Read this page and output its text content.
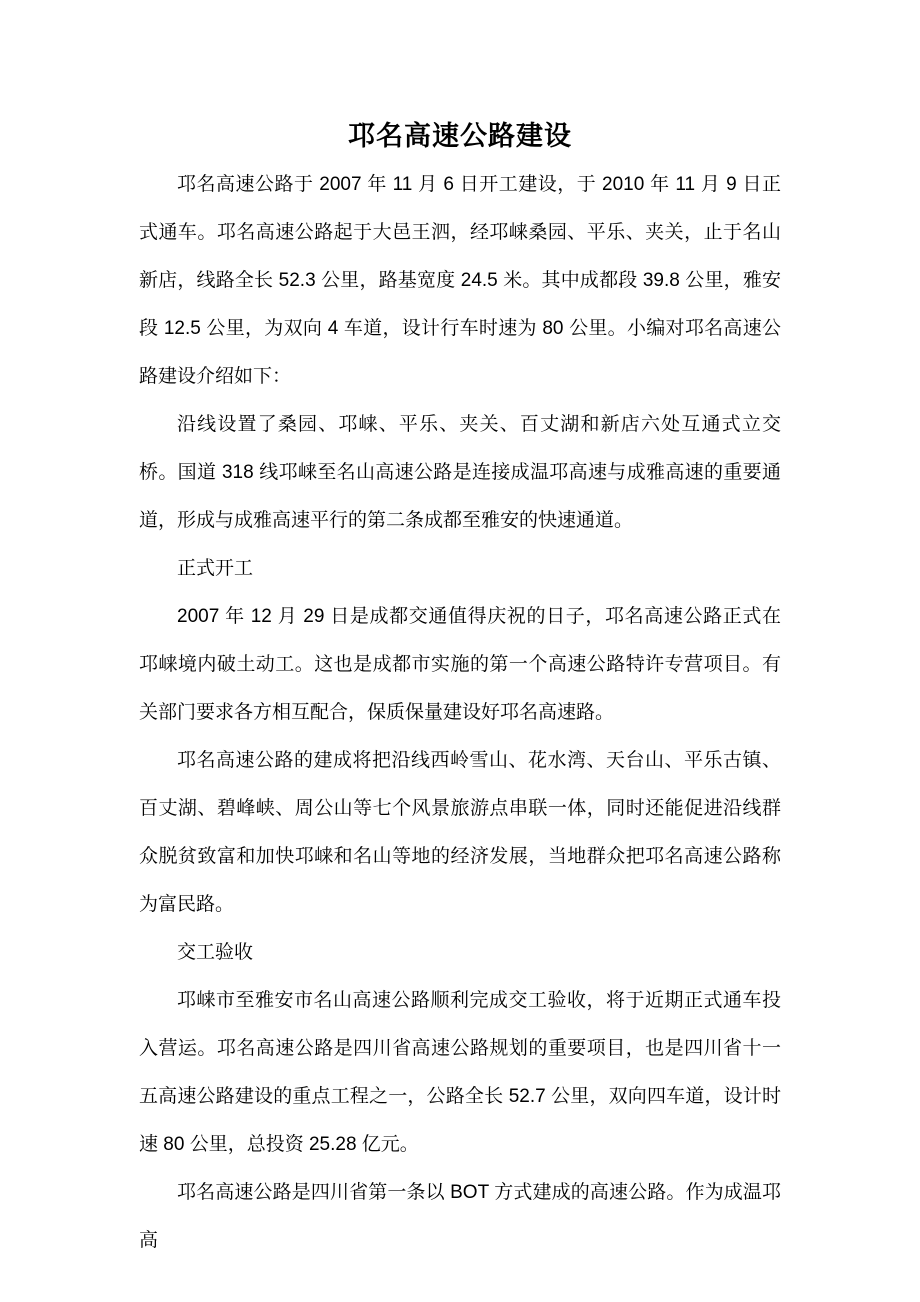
邛名高速公路建设

邛名高速公路于 2007 年 11 月 6 日开工建设，于 2010 年 11 月 9 日正式通车。邛名高速公路起于大邑王泗，经邛崃桑园、平乐、夹关，止于名山新店，线路全长 52.3 公里，路基宽度 24.5 米。其中成都段 39.8 公里，雅安段 12.5 公里，为双向 4 车道，设计行车时速为 80 公里。小编对邛名高速公路建设介绍如下：

沿线设置了桑园、邛崃、平乐、夹关、百丈湖和新店六处互通式立交桥。国道 318 线邛崃至名山高速公路是连接成温邛高速与成雅高速的重要通道，形成与成雅高速平行的第二条成都至雅安的快速通道。

正式开工

2007 年 12 月 29 日是成都交通值得庆祝的日子，邛名高速公路正式在邛崃境内破土动工。这也是成都市实施的第一个高速公路特许专营项目。有关部门要求各方相互配合，保质保量建设好邛名高速路。

邛名高速公路的建成将把沿线西岭雪山、花水湾、天台山、平乐古镇、百丈湖、碧峰峡、周公山等七个风景旅游点串联一体，同时还能促进沿线群众脱贫致富和加快邛崃和名山等地的经济发展，当地群众把邛名高速公路称为富民路。

交工验收

邛崃市至雅安市名山高速公路顺利完成交工验收，将于近期正式通车投入营运。邛名高速公路是四川省高速公路规划的重要项目，也是四川省十一五高速公路建设的重点工程之一，公路全长 52.7 公里，双向四车道，设计时速 80 公里，总投资 25.28 亿元。

邛名高速公路是四川省第一条以 BOT 方式建成的高速公路。作为成温邛高
